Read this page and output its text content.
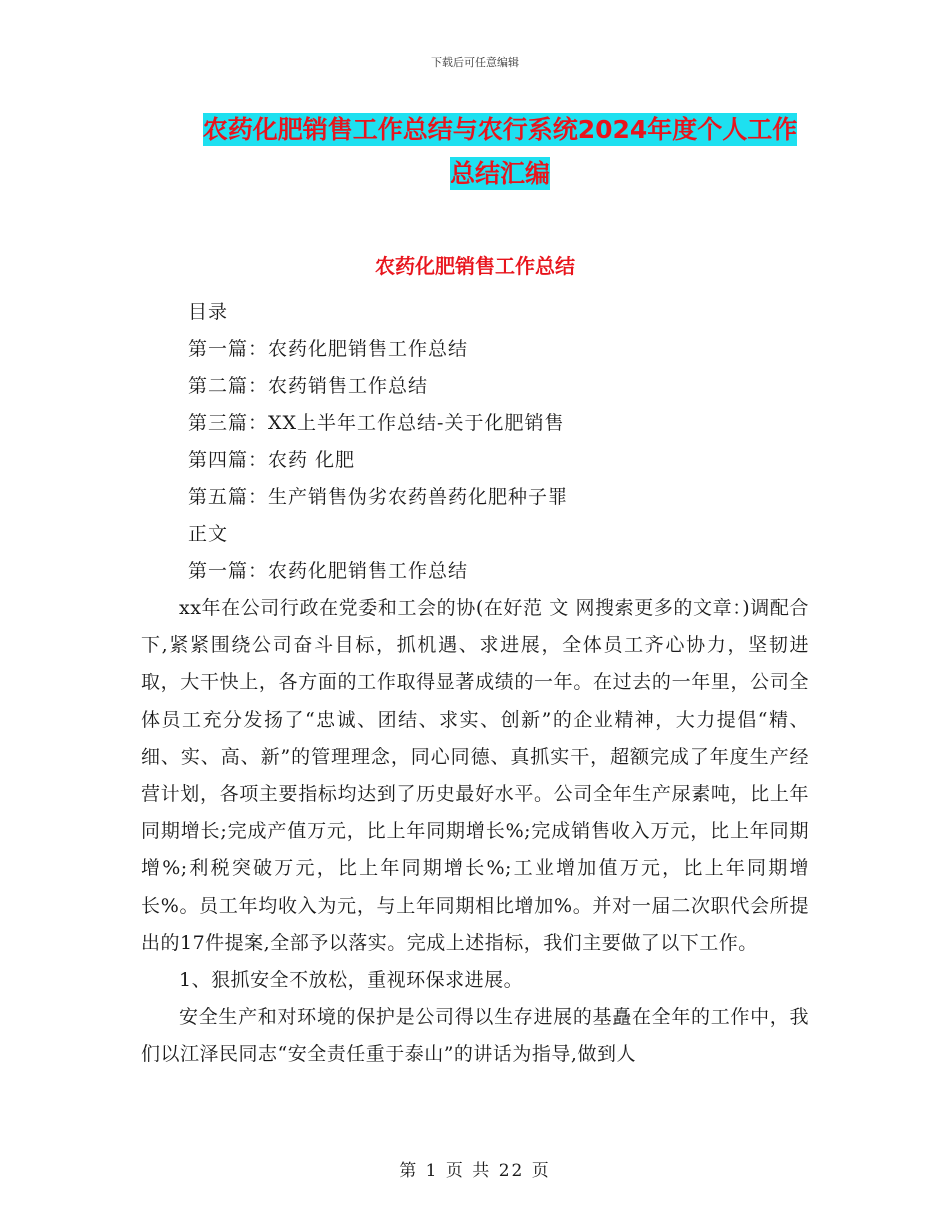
下载后可任意编辑
农药化肥销售工作总结与农行系统2024年度个人工作
总结汇编
农药化肥销售工作总结
目录
第一篇：农药化肥销售工作总结
第二篇：农药销售工作总结
第三篇：XX上半年工作总结-关于化肥销售
第四篇：农药 化肥
第五篇：生产销售伪劣农药兽药化肥种子罪
正文
第一篇：农药化肥销售工作总结

xx年在公司行政在党委和工会的协(在好范 文 网搜索更多的文章：)调配合下,紧紧围绕公司奋斗目标，抓机遇、求进展，全体员工齐心协力，坚韧进取，大干快上，各方面的工作取得显著成绩的一年。在过去的一年里，公司全体员工充分发扬了“忠诚、团结、求实、创新”的企业精神，大力提倡“精、细、实、高、新”的管理理念，同心同德、真抓实干，超额完成了年度生产经营计划，各项主要指标均达到了历史最好水平。公司全年生产尿素吨，比上年同期增长;完成产值万元，比上年同期增长%;完成销售收入万元，比上年同期增%;利税突破万元，比上年同期增长%;工业增加值万元，比上年同期增长%。员工年均收入为元，与上年同期相比增加%。并对一届二次职代会所提出的17件提案,全部予以落实。完成上述指标，我们主要做了以下工作。

1、狠抓安全不放松，重视环保求进展。

安全生产和对环境的保护是公司得以生存进展的基矗在全年的工作中，我们以江泽民同志“安全责任重于泰山”的讲话为指导,做到人

第 1 页 共 22 页
